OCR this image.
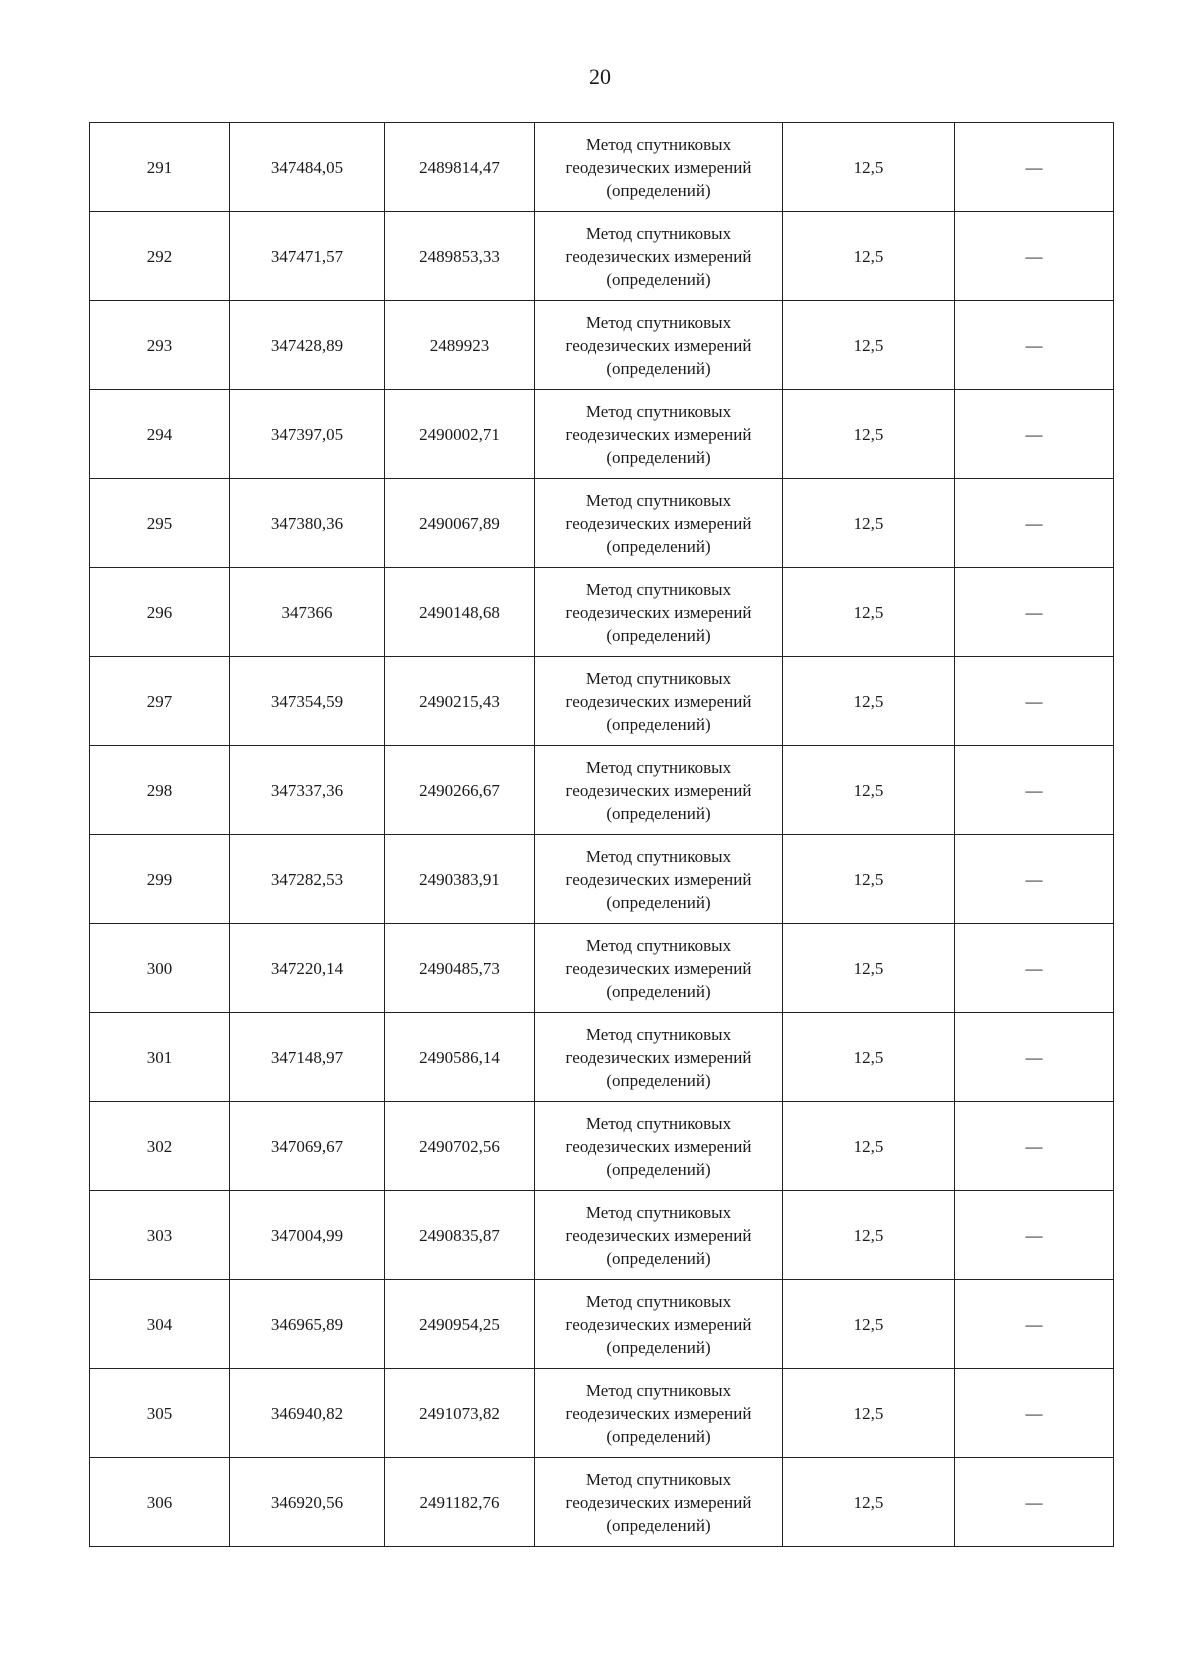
20
291	347484,05	2489814,47	Метод спутниковых
геодезических измерений
(определений)	12,5	—
292	347471,57	2489853,33	Метод спутниковых
геодезических измерений
(определений)	12,5	—
293	347428,89	2489923	Метод спутниковых
геодезических измерений
(определений)	12,5	—
294	347397,05	2490002,71	Метод спутниковых
геодезических измерений
(определений)	12,5	—
295	347380,36	2490067,89	Метод спутниковых
геодезических измерений
(определений)	12,5	—
296	347366	2490148,68	Метод спутниковых
геодезических измерений
(определений)	12,5	—
297	347354,59	2490215,43	Метод спутниковых
геодезических измерений
(определений)	12,5	—
298	347337,36	2490266,67	Метод спутниковых
геодезических измерений
(определений)	12,5	—
299	347282,53	2490383,91	Метод спутниковых
геодезических измерений
(определений)	12,5	—
300	347220,14	2490485,73	Метод спутниковых
геодезических измерений
(определений)	12,5	—
301	347148,97	2490586,14	Метод спутниковых
геодезических измерений
(определений)	12,5	—
302	347069,67	2490702,56	Метод спутниковых
геодезических измерений
(определений)	12,5	—
303	347004,99	2490835,87	Метод спутниковых
геодезических измерений
(определений)	12,5	—
304	346965,89	2490954,25	Метод спутниковых
геодезических измерений
(определений)	12,5	—
305	346940,82	2491073,82	Метод спутниковых
геодезических измерений
(определений)	12,5	—
306	346920,56	2491182,76	Метод спутниковых
геодезических измерений
(определений)	12,5	—
